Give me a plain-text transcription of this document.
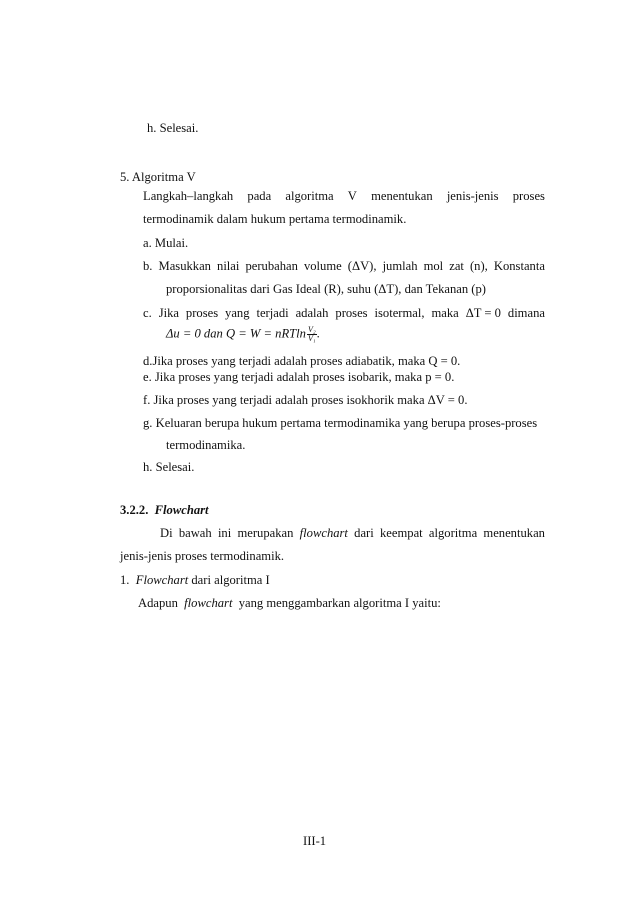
h. Selesai.
5. Algoritma V
Langkah–langkah pada algoritma V menentukan jenis-jenis proses
termodinamik dalam hukum pertama termodinamik.
a. Mulai.
b. Masukkan nilai perubahan volume (ΔV), jumlah mol zat (n), Konstanta
proporsionalitas dari Gas Ideal (R), suhu (ΔT), dan Tekanan (p)
c. Jika proses yang terjadi adalah proses isotermal, maka ΔT = 0 dimana
Δu = 0 dan Q = W = nRTln $\frac{\text{V₂}}{\text{V₁}}$ .
d.Jika proses yang terjadi adalah proses adiabatik, maka Q = 0.
e. Jika proses yang terjadi adalah proses isobarik, maka p = 0.
f. Jika proses yang terjadi adalah proses isokhorik maka ΔV = 0.
g. Keluaran berupa hukum pertama termodinamika yang berupa proses-proses
termodinamika.
h. Selesai.
3.2.2. Flowchart
Di bawah ini merupakan flowchart dari keempat algoritma menentukan
jenis-jenis proses termodinamik.
1.  Flowchart dari algoritma I
Adapun  flowchart  yang menggambarkan algoritma I yaitu:
III-1
